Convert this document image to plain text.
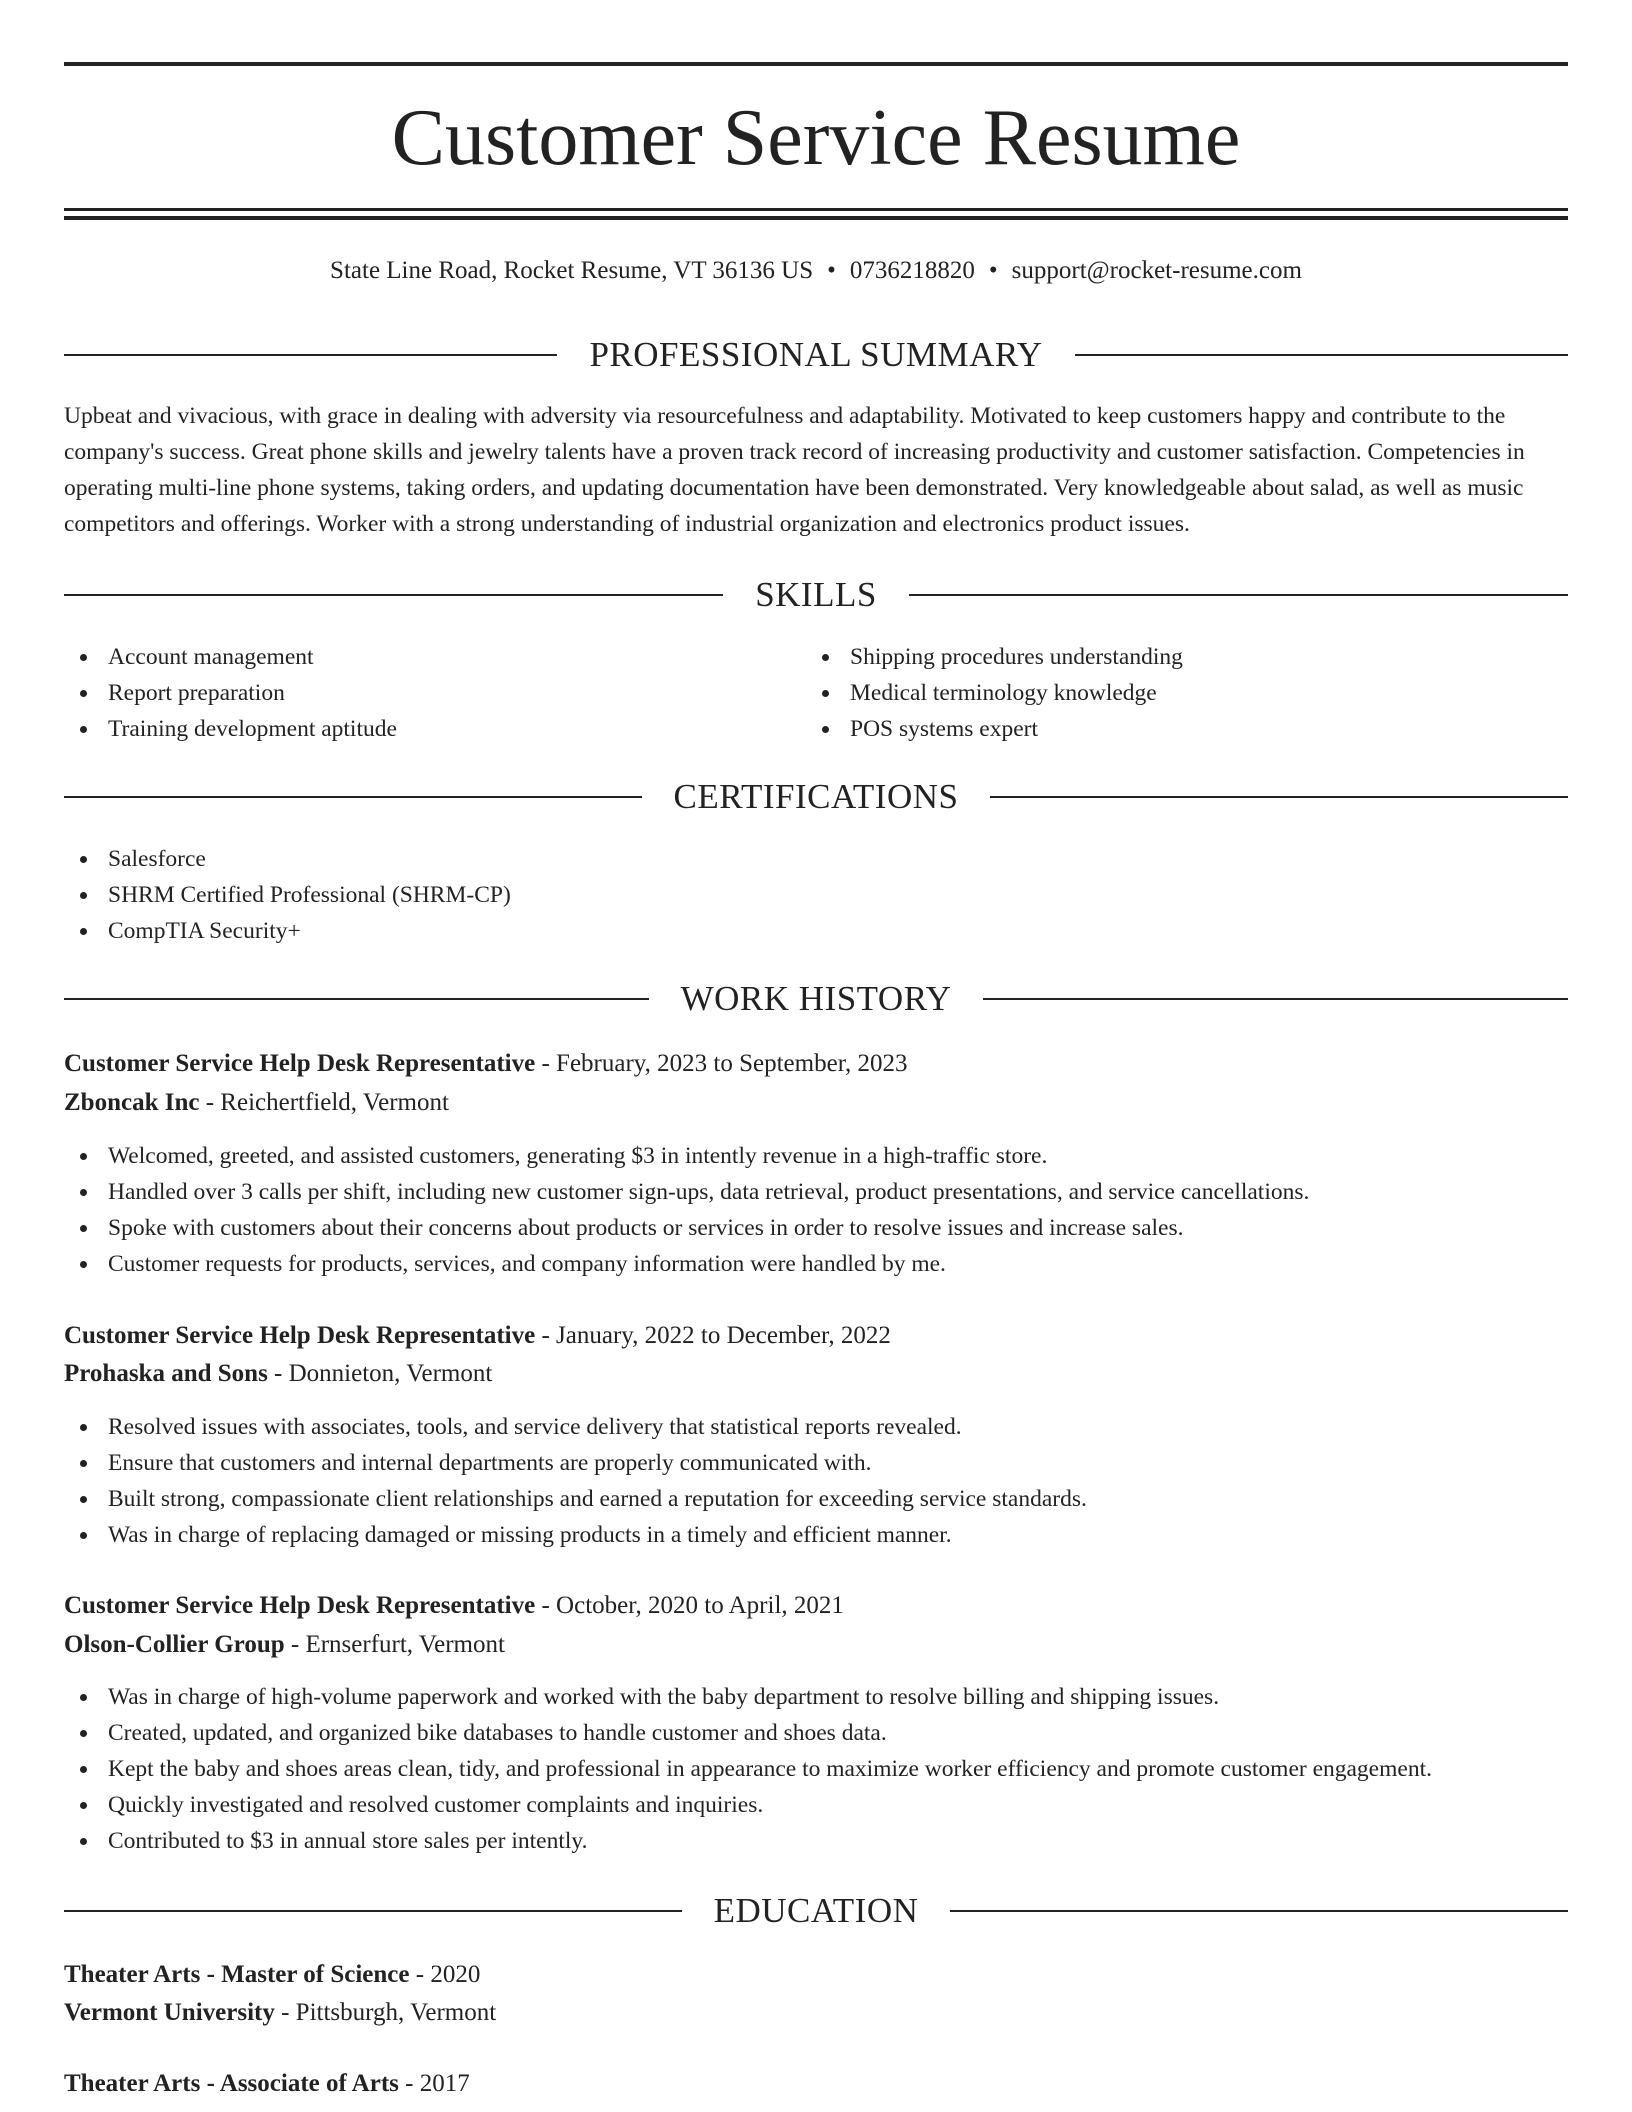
Customer Service Resume
State Line Road, Rocket Resume, VT 36136 US • 0736218820 • support@rocket-resume.com
PROFESSIONAL SUMMARY

Upbeat and vivacious, with grace in dealing with adversity via resourcefulness and adaptability. Motivated to keep customers happy and contribute to the company's success. Great phone skills and jewelry talents have a proven track record of increasing productivity and customer satisfaction. Competencies in operating multi-line phone systems, taking orders, and updating documentation have been demonstrated. Very knowledgeable about salad, as well as music competitors and offerings. Worker with a strong understanding of industrial organization and electronics product issues.

SKILLS
Account management
Report preparation
Training development aptitude
Shipping procedures understanding
Medical terminology knowledge
POS systems expert
CERTIFICATIONS
Salesforce
SHRM Certified Professional (SHRM-CP)
CompTIA Security+
WORK HISTORY
Customer Service Help Desk Representative - February, 2023 to September, 2023
Zboncak Inc - Reichertfield, Vermont
Welcomed, greeted, and assisted customers, generating $3 in intently revenue in a high-traffic store.
Handled over 3 calls per shift, including new customer sign-ups, data retrieval, product presentations, and service cancellations.
Spoke with customers about their concerns about products or services in order to resolve issues and increase sales.
Customer requests for products, services, and company information were handled by me.
Customer Service Help Desk Representative - January, 2022 to December, 2022
Prohaska and Sons - Donnieton, Vermont
Resolved issues with associates, tools, and service delivery that statistical reports revealed.
Ensure that customers and internal departments are properly communicated with.
Built strong, compassionate client relationships and earned a reputation for exceeding service standards.
Was in charge of replacing damaged or missing products in a timely and efficient manner.
Customer Service Help Desk Representative - October, 2020 to April, 2021
Olson-Collier Group - Ernserfurt, Vermont
Was in charge of high-volume paperwork and worked with the baby department to resolve billing and shipping issues.
Created, updated, and organized bike databases to handle customer and shoes data.
Kept the baby and shoes areas clean, tidy, and professional in appearance to maximize worker efficiency and promote customer engagement.
Quickly investigated and resolved customer complaints and inquiries.
Contributed to $3 in annual store sales per intently.
EDUCATION
Theater Arts - Master of Science - 2020
Vermont University - Pittsburgh, Vermont
Theater Arts - Associate of Arts - 2017
